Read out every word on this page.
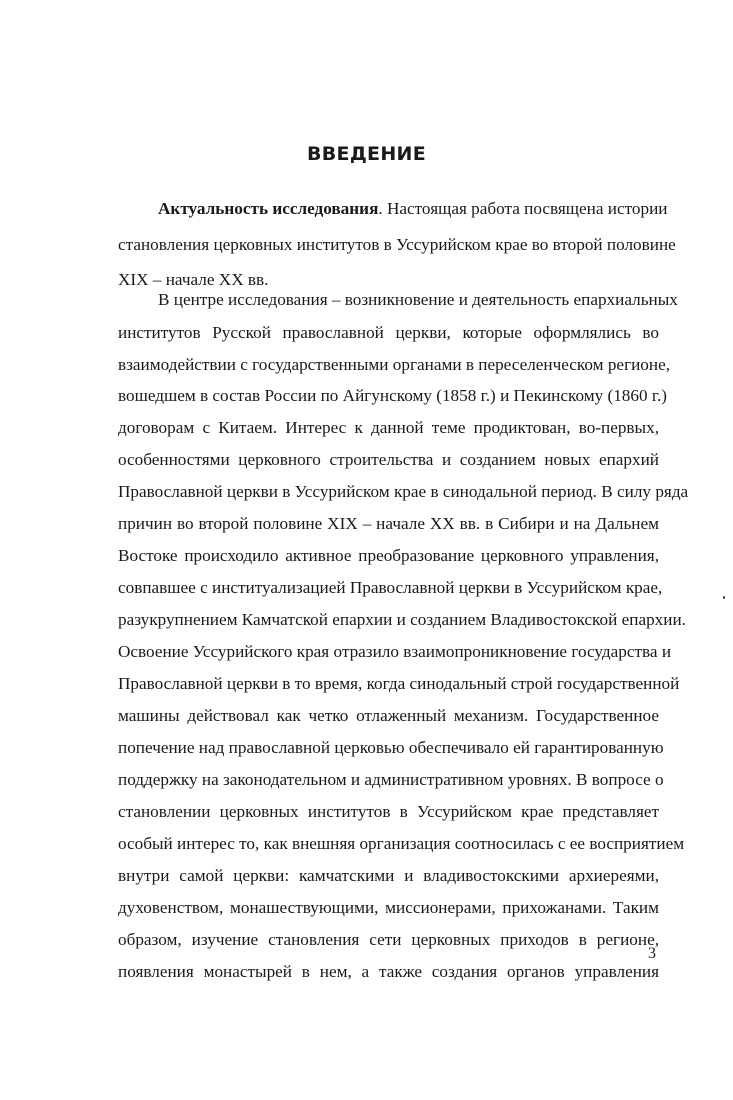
ВВЕДЕНИЕ

Актуальность исследования. Настоящая работа посвящена истории

становления церковных институтов в Уссурийском крае во второй половине

XIX – начале XX вв.

В центре исследования – возникновение и деятельность епархиальных

институтов Русской православной церкви, которые оформлялись во

взаимодействии с государственными органами в переселенческом регионе,

вошедшем в состав России по Айгунскому (1858 г.) и Пекинскому (1860 г.)

договорам с Китаем. Интерес к данной теме продиктован, во-первых,

особенностями церковного строительства и созданием новых епархий

Православной церкви в Уссурийском крае в синодальной период. В силу ряда

причин во второй половине XIX – начале XX вв. в Сибири и на Дальнем

Востоке происходило активное преобразование церковного управления,

совпавшее с институализацией Православной церкви в Уссурийском крае,

разукрупнением Камчатской епархии и созданием Владивостокской епархии.

Освоение Уссурийского края отразило взаимопроникновение государства и

Православной церкви в то время, когда синодальный строй государственной

машины действовал как четко отлаженный механизм. Государственное

попечение над православной церковью обеспечивало ей гарантированную

поддержку на законодательном и административном уровнях. В вопросе о

становлении церковных институтов в Уссурийском крае представляет

особый интерес то, как внешняя организация соотносилась с ее восприятием

внутри самой церкви: камчатскими и владивостокскими архиереями,

духовенством, монашествующими, миссионерами, прихожанами. Таким

образом, изучение становления сети церковных приходов в регионе,

появления монастырей в нем, а также создания органов управления

3
